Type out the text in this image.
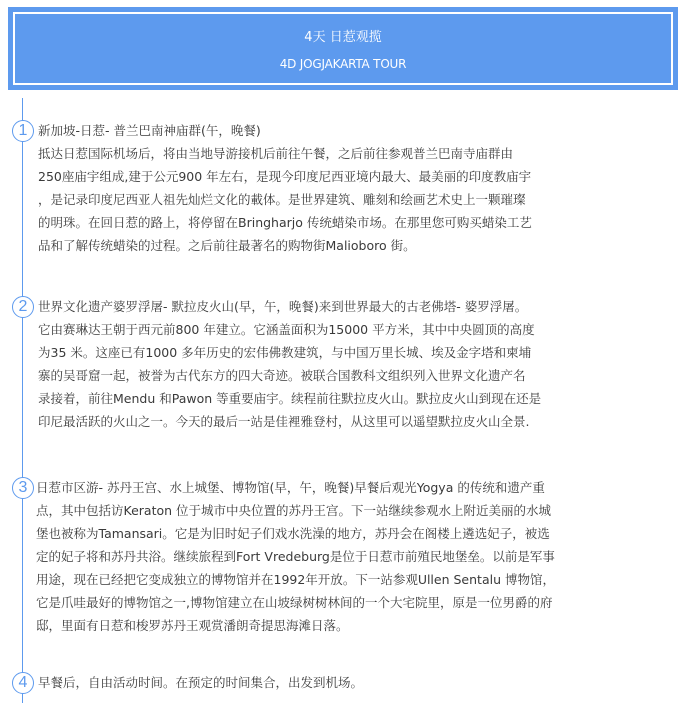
4天 日惹观揽
4D JOGJAKARTA TOUR
1 新加坡-日惹- 普兰巴南神庙群(午，晚餐)
抵达日惹国际机场后，将由当地导游接机后前往午餐，之后前往参观普兰巴南寺庙群由
250座庙宇组成,建于公元900 年左右，是现今印度尼西亚境内最大、最美丽的印度教庙宇
，是记录印度尼西亚人祖先灿烂文化的載体。是世界建筑、雕刻和绘画艺术史上一颗璀璨
的明珠。在回日惹的路上，将停留在Bringharjo 传统蜡染市场。在那里您可购买蜡染工艺
品和了解传统蜡染的过程。之后前往最著名的购物街Malioboro 街。
2 世界文化遗产婆罗浮屠- 默拉皮火山(早，午，晚餐)来到世界最大的古老佛塔- 婆罗浮屠。
它由赛琳达王朝于西元前800 年建立。它涵盖面积为15000 平方米，其中中央圆顶的高度
为35 米。这座已有1000 多年历史的宏伟佛教建筑，与中国万里长城、埃及金字塔和柬埔
寨的吴哥窟一起，被誉为古代东方的四大奇迹。被联合国教科文组织列入世界文化遗产名
录接着，前往Mendu 和Pawon 等重要庙宇。续程前往默拉皮火山。默拉皮火山到现在还是
印尼最活跃的火山之一。今天的最后一站是佳裡雅登村，从这里可以遥望默拉皮火山全景.
3 日惹市区游- 苏丹王宫、水上城堡、博物馆(早，午，晚餐)早餐后观光Yogya 的传统和遗产重
点，其中包括访Keraton 位于城市中央位置的苏丹王宫。下一站继续参观水上附近美丽的水城
堡也被称为Tamansari。它是为旧时妃子们戏水洗澡的地方，苏丹会在阁楼上遴选妃子，被选
定的妃子将和苏丹共浴。继续旅程到Fort Vredeburg是位于日惹市前殖民地堡垒。以前是军事
用途，现在已经把它变成独立的博物馆并在1992年开放。下一站参观Ullen Sentalu 博物馆，
它是爪哇最好的博物馆之一,博物馆建立在山坡绿树树林间的一个大宅院里，原是一位男爵的府
邸，里面有日惹和梭罗苏丹王观赏潘朗奇提思海滩日落。
4 早餐后，自由活动时间。在预定的时间集合，出发到机场。
